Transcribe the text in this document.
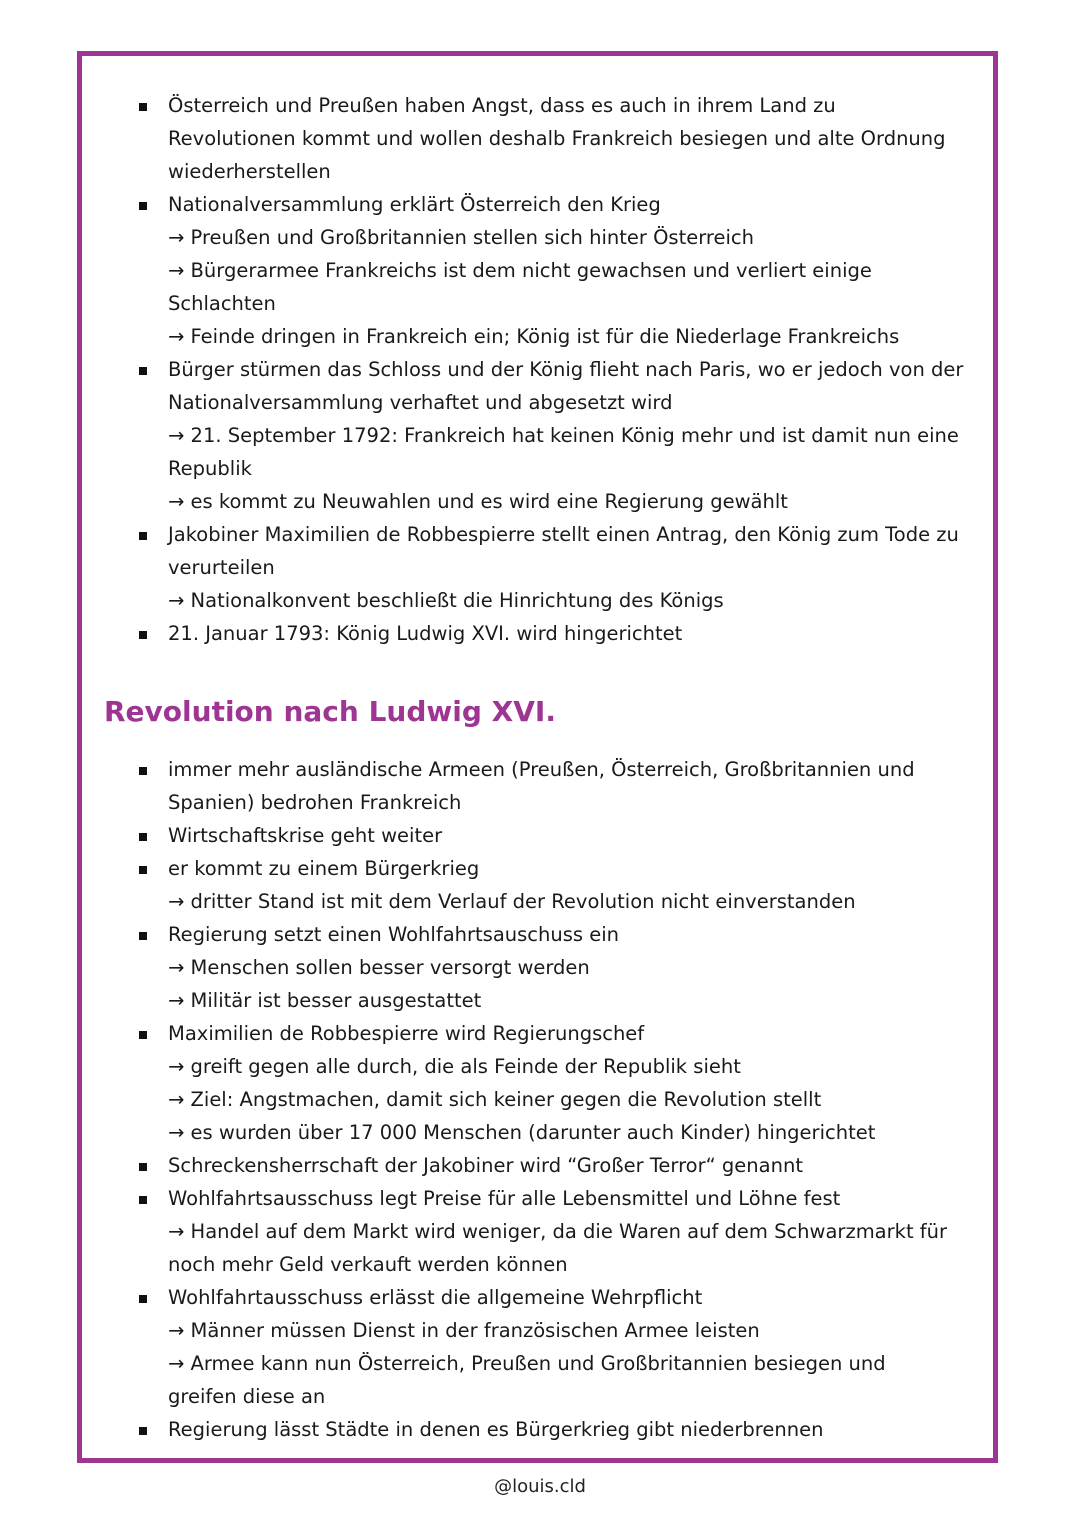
Österreich und Preußen haben Angst, dass es auch in ihrem Land zu
Revolutionen kommt und wollen deshalb Frankreich besiegen und alte Ordnung
wiederherstellen
Nationalversammlung erklärt Österreich den Krieg
→ Preußen und Großbritannien stellen sich hinter Österreich
→ Bürgerarmee Frankreichs ist dem nicht gewachsen und verliert einige
Schlachten
→ Feinde dringen in Frankreich ein; König ist für die Niederlage Frankreichs
Bürger stürmen das Schloss und der König flieht nach Paris, wo er jedoch von der
Nationalversammlung verhaftet und abgesetzt wird
→ 21. September 1792: Frankreich hat keinen König mehr und ist damit nun eine
Republik
→ es kommt zu Neuwahlen und es wird eine Regierung gewählt
Jakobiner Maximilien de Robbespierre stellt einen Antrag, den König zum Tode zu
verurteilen
→ Nationalkonvent beschließt die Hinrichtung des Königs
21. Januar 1793: König Ludwig XVI. wird hingerichtet
Revolution nach Ludwig XVI.
immer mehr ausländische Armeen (Preußen, Österreich, Großbritannien und
Spanien) bedrohen Frankreich
Wirtschaftskrise geht weiter
er kommt zu einem Bürgerkrieg
→ dritter Stand ist mit dem Verlauf der Revolution nicht einverstanden
Regierung setzt einen Wohlfahrtsauschuss ein
→ Menschen sollen besser versorgt werden
→ Militär ist besser ausgestattet
Maximilien de Robbespierre wird Regierungschef
→ greift gegen alle durch, die als Feinde der Republik sieht
→ Ziel: Angstmachen, damit sich keiner gegen die Revolution stellt
→ es wurden über 17 000 Menschen (darunter auch Kinder) hingerichtet
Schreckensherrschaft der Jakobiner wird “Großer Terror“ genannt
Wohlfahrtsausschuss legt Preise für alle Lebensmittel und Löhne fest
→ Handel auf dem Markt wird weniger, da die Waren auf dem Schwarzmarkt für
noch mehr Geld verkauft werden können
Wohlfahrtausschuss erlässt die allgemeine Wehrpflicht
→ Männer müssen Dienst in der französischen Armee leisten
→ Armee kann nun Österreich, Preußen und Großbritannien besiegen und
greifen diese an
Regierung lässt Städte in denen es Bürgerkrieg gibt niederbrennen
@louis.cld
